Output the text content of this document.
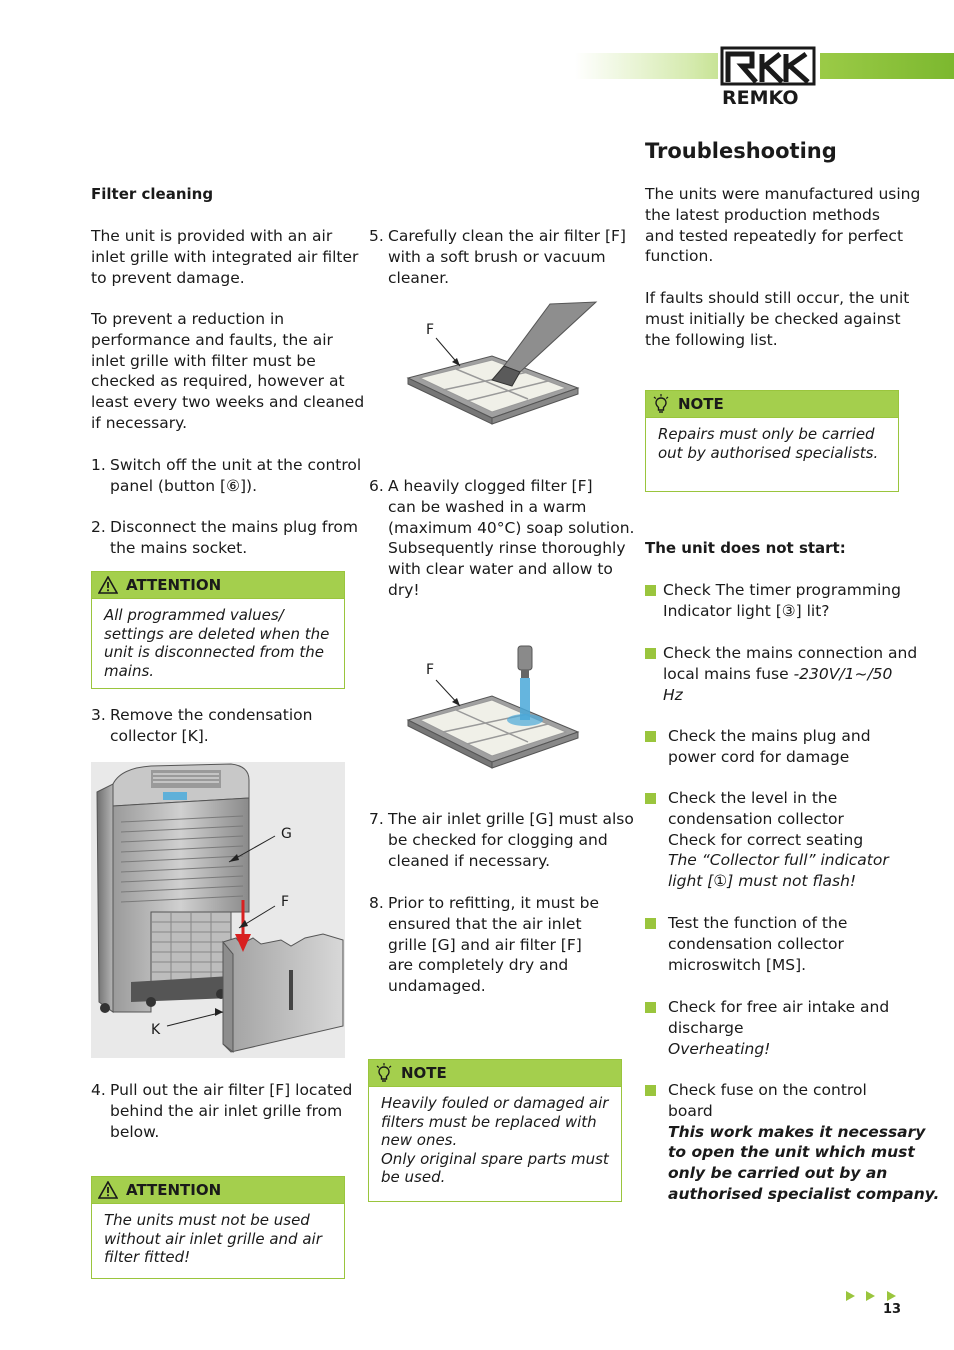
REMKO
Filter cleaning
The unit is provided with an air
inlet grille with integrated air filter
to prevent damage.
To prevent a reduction in
performance and faults, the air
inlet grille with filter must be
checked as required, however at
least every two weeks and cleaned
if necessary.
1. Switch off the unit at the control
panel (button [⑥]).
2. Disconnect the mains plug from
the mains socket.
ATTENTION
All programmed values/
settings are deleted when the
unit is disconnected from the
mains.
3. Remove the condensation
collector [K].
G
F
K
4. Pull out the air filter [F] located
behind the air inlet grille from
below.
ATTENTION
The units must not be used
without air inlet grille and air
filter fitted!
5. Carefully clean the air filter [F]
with a soft brush or vacuum
cleaner.
F
6. A heavily clogged filter [F]
can be washed in a warm
(maximum 40°C) soap solution.
Subsequently rinse thoroughly
with clear water and allow to
dry!
F
7. The air inlet grille [G] must also
be checked for clogging and
cleaned if necessary.
8. Prior to refitting, it must be
ensured that the air inlet
grille [G] and air filter [F]
are completely dry and
undamaged.
NOTE
Heavily fouled or damaged air
filters must be replaced with
new ones.
Only original spare parts must
be used.
Troubleshooting
The units were manufactured using
the latest production methods
and tested repeatedly for perfect
function.
If faults should still occur, the unit
must initially be checked against
the following list.
NOTE
Repairs must only be carried
out by authorised specialists.
The unit does not start:
Check The timer programming
Indicator light [③] lit?
Check the mains connection and
local mains fuse -230V/1~/50
Hz
Check the mains plug and
power cord for damage
Check the level in the
condensation collector
Check for correct seating
The “Collector full” indicator
light [①] must not flash!
Test the function of the
condensation collector
microswitch [MS].
Check for free air intake and
discharge
Overheating!
Check fuse on the control
board
This work makes it necessary
to open the unit which must
only be carried out by an
authorised specialist company.
13
